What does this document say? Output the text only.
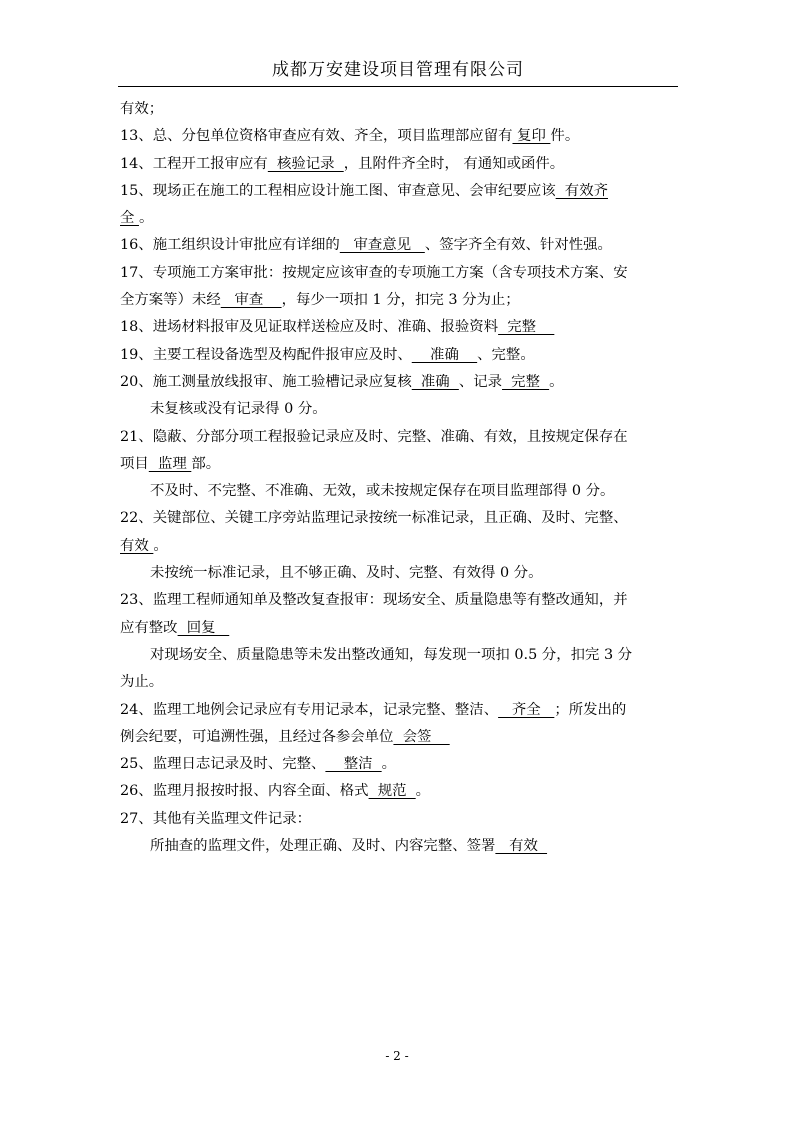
成都万安建设项目管理有限公司
有效；
13、总、分包单位资格审查应有效、齐全，项目监理部应留有 复印 件。
14、工程开工报审应有  核验记录  ，且附件齐全时， 有通知或函件。
15、现场正在施工的工程相应设计施工图、审查意见、会审纪要应该  有效齐
全 。
16、施工组织设计审批应有详细的   审查意见   、签字齐全有效、针对性强。
17、专项施工方案审批：按规定应该审查的专项施工方案（含专项技术方案、安
全方案等）未经   审查    ，每少一项扣 1 分，扣完 3 分为止；
18、进场材料报审及见证取样送检应及时、准确、报验资料  完整
19、主要工程设备选型及构配件报审应及时、    准确    、完整。
20、施工测量放线报审、施工验槽记录应复核  准确  、记录  完整  。
未复核或没有记录得 0 分。
21、隐蔽、分部分项工程报验记录应及时、完整、准确、有效，且按规定保存在
项目  监理 部。
不及时、不完整、不准确、无效，或未按规定保存在项目监理部得 0 分。
22、关键部位、关键工序旁站监理记录按统一标准记录，且正确、及时、完整、
有效 。
未按统一标准记录，且不够正确、及时、完整、有效得 0 分。
23、监理工程师通知单及整改复查报审：现场安全、质量隐患等有整改通知，并
应有整改  回复
对现场安全、质量隐患等未发出整改通知，每发现一项扣 0.5 分，扣完 3 分
为止。
24、监理工地例会记录应有专用记录本，记录完整、整洁、   齐全   ；所发出的
例会纪要，可追溯性强，且经过各参会单位  会签
25、监理日志记录及时、完整、    整洁  。
26、监理月报按时报、内容全面、格式  规范  。
27、其他有关监理文件记录：
所抽查的监理文件，处理正确、及时、内容完整、签署   有效
- 2 -
